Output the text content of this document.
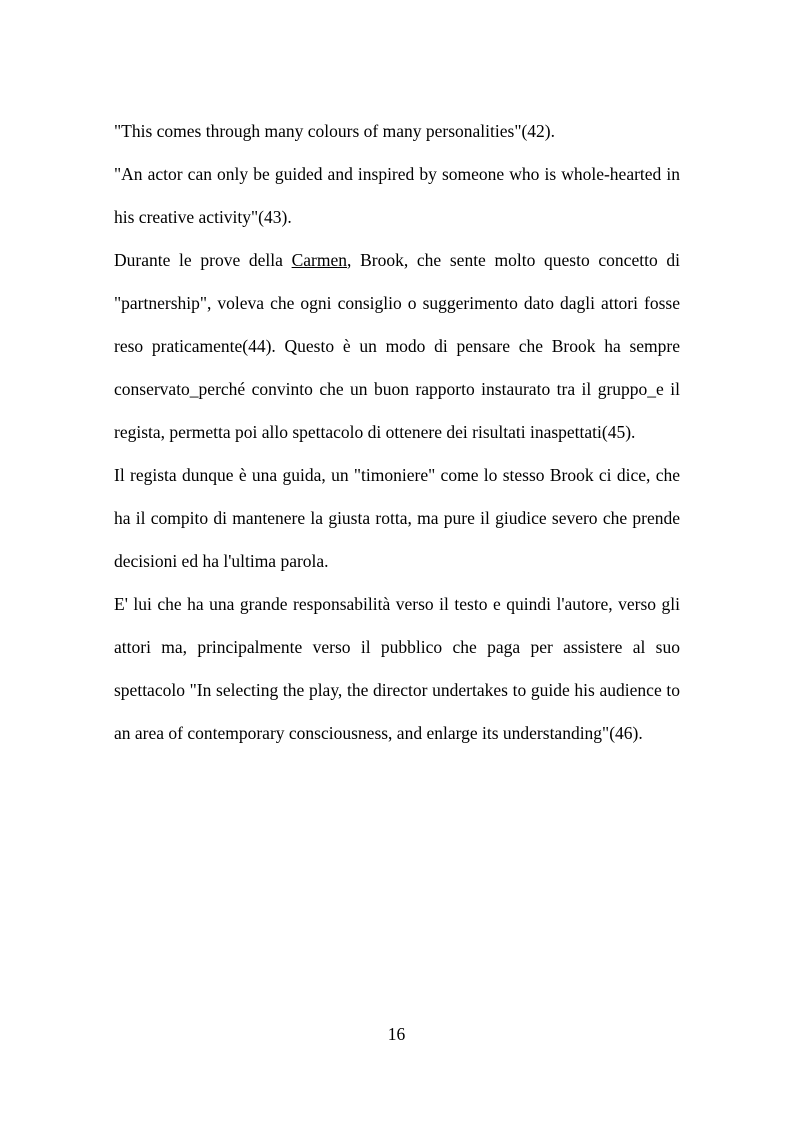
"This comes through many colours of many personalities"(42).

"An actor can only be guided and inspired by someone who is whole-hearted in his creative activity"(43).

Durante le prove della Carmen, Brook, che sente molto questo concetto di "partnership", voleva che ogni consiglio o suggerimento dato dagli attori fosse reso praticamente(44). Questo è un modo di pensare che Brook ha sempre conservato_perché convinto che un buon rapporto instaurato tra il gruppo_e il regista, permetta poi allo spettacolo di ottenere dei risultati inaspettati(45).

Il regista dunque è una guida, un "timoniere" come lo stesso Brook ci dice, che ha il compito di mantenere la giusta rotta, ma pure il giudice severo che prende decisioni ed ha l'ultima parola.

E' lui che ha una grande responsabilità verso il testo e quindi l'autore, verso gli attori ma, principalmente verso il pubblico che paga per assistere al suo spettacolo "In selecting the play, the director undertakes to guide his audience to an area of contemporary consciousness, and enlarge its understanding"(46).

16
